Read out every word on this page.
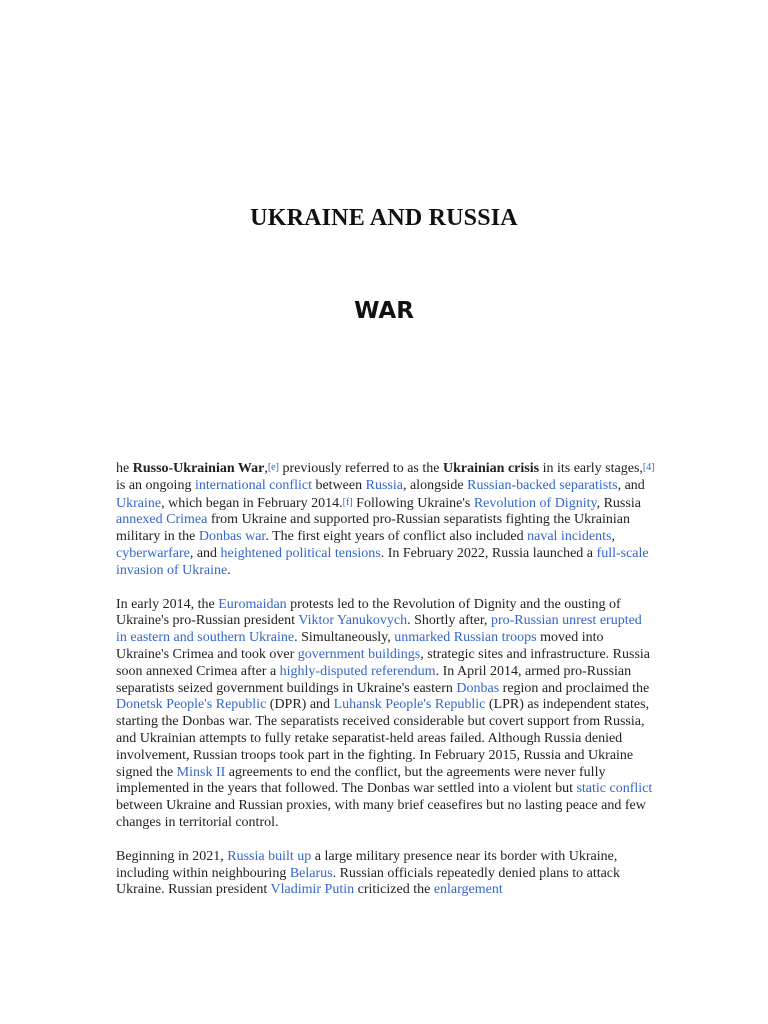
UKRAINE AND RUSSIA
WAR

he Russo-Ukrainian War,[e] previously referred to as the Ukrainian crisis in its early stages,[4] is an ongoing international conflict between Russia, alongside Russian-backed separatists, and Ukraine, which began in February 2014.[f] Following Ukraine's Revolution of Dignity, Russia annexed Crimea from Ukraine and supported pro-Russian separatists fighting the Ukrainian military in the Donbas war. The first eight years of conflict also included naval incidents, cyberwarfare, and heightened political tensions. In February 2022, Russia launched a full-scale invasion of Ukraine.

In early 2014, the Euromaidan protests led to the Revolution of Dignity and the ousting of Ukraine's pro-Russian president Viktor Yanukovych. Shortly after, pro-Russian unrest erupted in eastern and southern Ukraine. Simultaneously, unmarked Russian troops moved into Ukraine's Crimea and took over government buildings, strategic sites and infrastructure. Russia soon annexed Crimea after a highly-disputed referendum. In April 2014, armed pro-Russian separatists seized government buildings in Ukraine's eastern Donbas region and proclaimed the Donetsk People's Republic (DPR) and Luhansk People's Republic (LPR) as independent states, starting the Donbas war. The separatists received considerable but covert support from Russia, and Ukrainian attempts to fully retake separatist-held areas failed. Although Russia denied involvement, Russian troops took part in the fighting. In February 2015, Russia and Ukraine signed the Minsk II agreements to end the conflict, but the agreements were never fully implemented in the years that followed. The Donbas war settled into a violent but static conflict between Ukraine and Russian proxies, with many brief ceasefires but no lasting peace and few changes in territorial control.

Beginning in 2021, Russia built up a large military presence near its border with Ukraine, including within neighbouring Belarus. Russian officials repeatedly denied plans to attack Ukraine. Russian president Vladimir Putin criticized the enlargement
